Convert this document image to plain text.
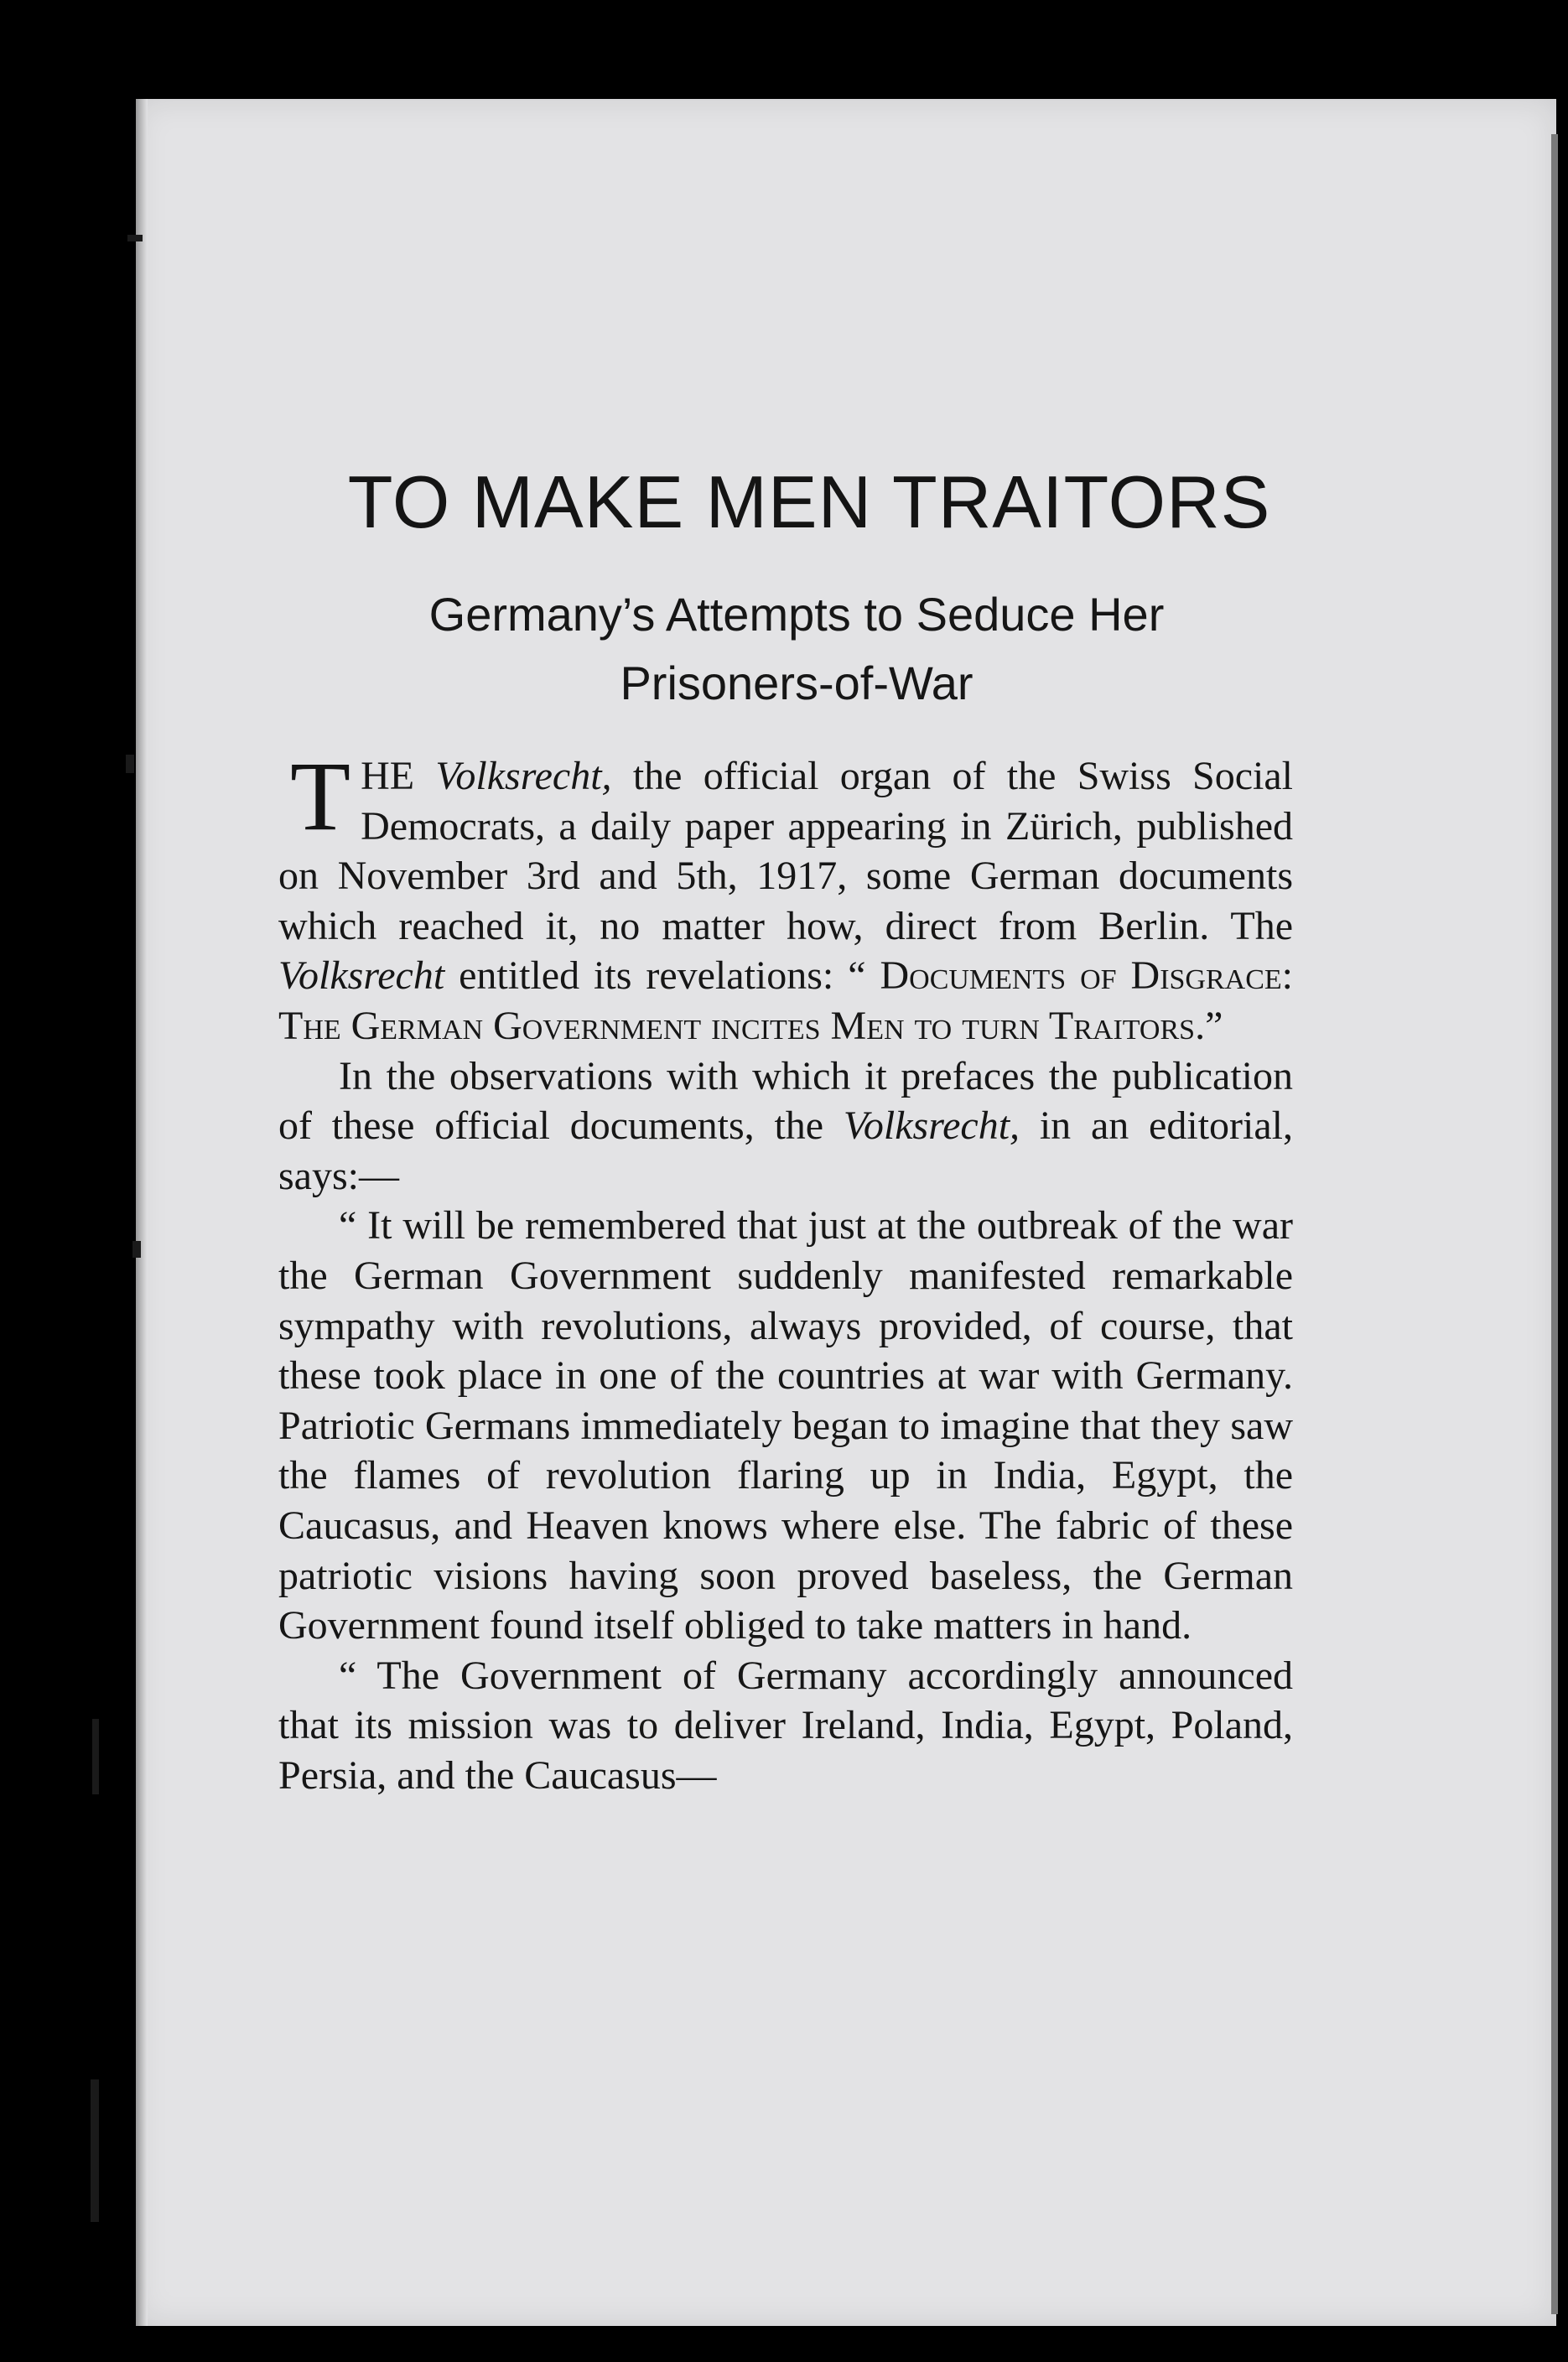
TO MAKE MEN TRAITORS
Germany’s Attempts to Seduce Her
Prisoners-of-War

THE Volksrecht, the official organ of the Swiss Social Democrats, a daily paper appearing in Zürich, published on November 3rd and 5th, 1917, some German documents which reached it, no matter how, direct from Berlin. The Volksrecht entitled its revelations: “ Documents of Disgrace: The German Government incites Men to turn Traitors.”

In the observations with which it prefaces the publication of these official documents, the Volksrecht, in an editorial, says:—

“ It will be remembered that just at the outbreak of the war the German Government suddenly manifested remarkable sympathy with revolutions, always provided, of course, that these took place in one of the countries at war with Germany. Patriotic Germans immediately began to imagine that they saw the flames of revolution flaring up in India, Egypt, the Caucasus, and Heaven knows where else. The fabric of these patriotic visions having soon proved baseless, the German Government found itself obliged to take matters in hand.

“ The Government of Germany accordingly announced that its mission was to deliver Ireland, India, Egypt, Poland, Persia, and the Caucasus—
